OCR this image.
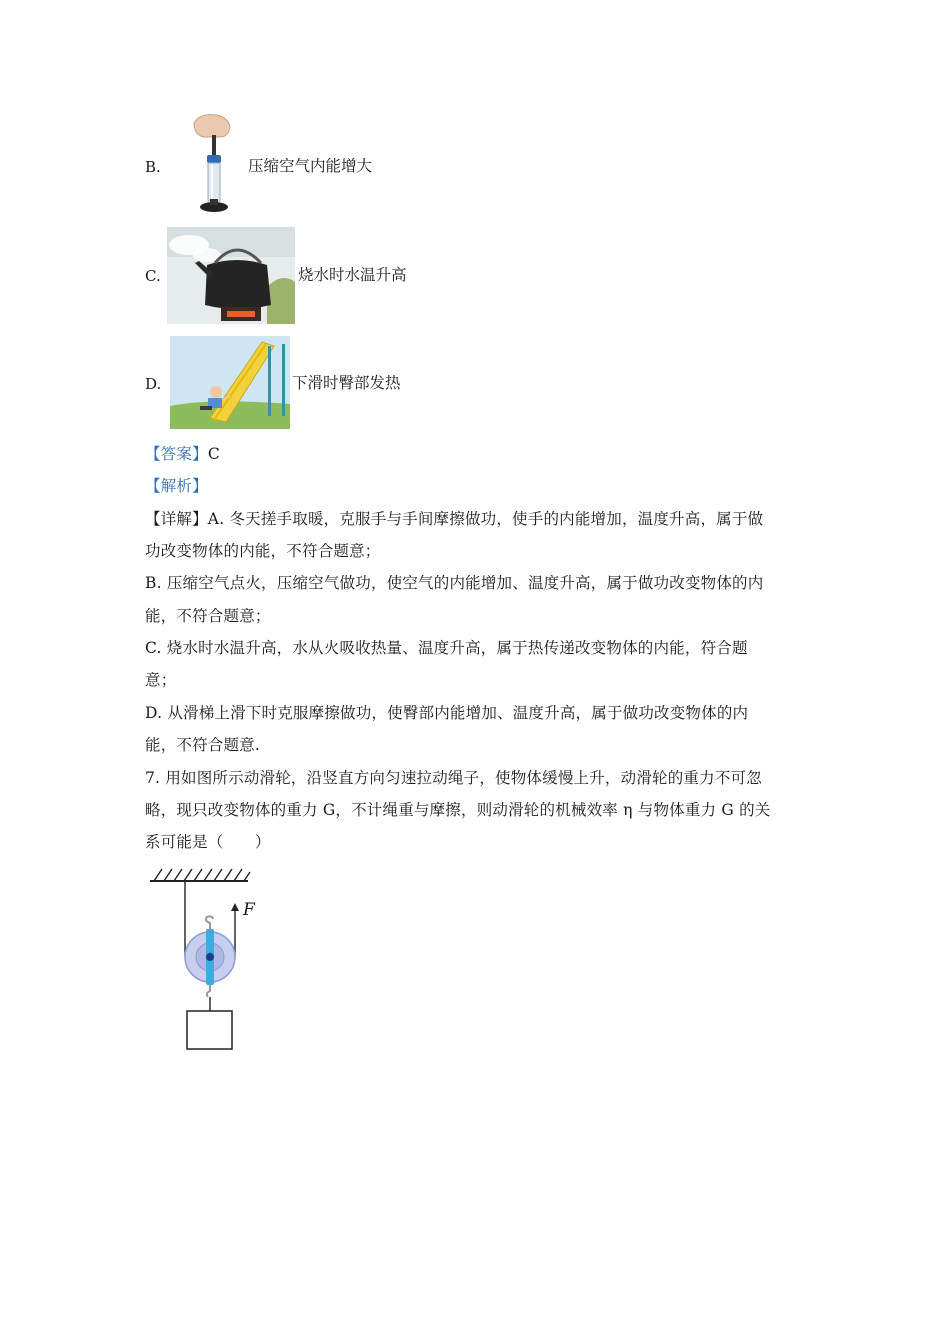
B.	压缩空气内能增大
C.	烧水时水温升高
D.	下滑时臀部发热
【答案】C
【解析】
【详解】A. 冬天搓手取暖，克服手与手间摩擦做功，使手的内能增加，温度升高，属于做
功改变物体的内能，不符合题意；
B. 压缩空气点火，压缩空气做功，使空气的内能增加、温度升高，属于做功改变物体的内
能，不符合题意；
C. 烧水时水温升高，水从火吸收热量、温度升高，属于热传递改变物体的内能，符合题
意；
D. 从滑梯上滑下时克服摩擦做功，使臀部内能增加、温度升高，属于做功改变物体的内
能，不符合题意.
7. 用如图所示动滑轮，沿竖直方向匀速拉动绳子，使物体缓慢上升，动滑轮的重力不可忽
略，现只改变物体的重力 G，不计绳重与摩擦，则动滑轮的机械效率 η 与物体重力 G 的关
系可能是（　　）
F
